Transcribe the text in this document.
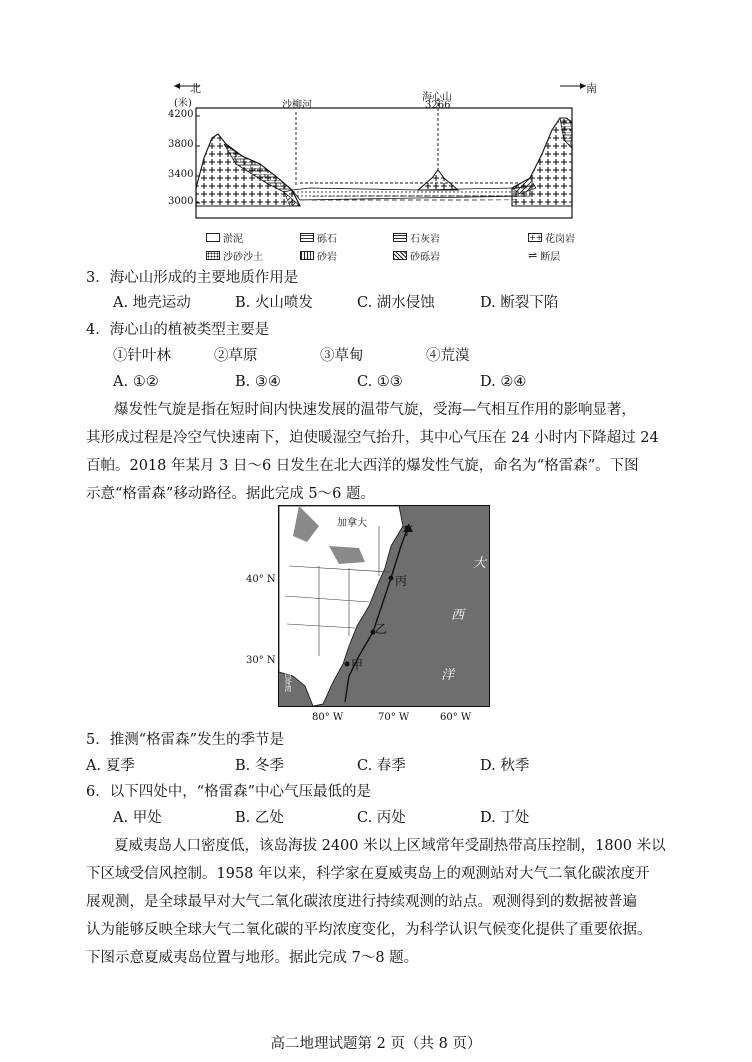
南
北
(米)
4200
3800
3400
3000
沙柳河
海心山
3266
淤泥	砾石	石灰岩	++ 花岗岩
沙砂沙土	砂岩	砂砾岩	⇌ 断层
3．海心山形成的主要地质作用是
A. 地壳运动	B. 火山喷发	C. 湖水侵蚀	D. 断裂下陷
4．海心山的植被类型主要是
①针叶林	②草原	③草甸	④荒漠
A. ①②	B. ③④	C. ①③	D. ②④
爆发性气旋是指在短时间内快速发展的温带气旋，受海—气相互作用的影响显著，
其形成过程是冷空气快速南下，迫使暖湿空气抬升，其中心气压在 24 小时内下降超过 24
百帕。2018 年某月 3 日～6 日发生在北大西洋的爆发性气旋，命名为“格雷森”。下图
示意“格雷森”移动路径。据此完成 5～6 题。
加拿大
丁
丙
乙
甲
大
西
洋
墨西哥湾
40° N
30° N
80° W	70° W	60° W
5．推测“格雷森”发生的季节是
A. 夏季	B. 冬季	C. 春季	D. 秋季
6．以下四处中，“格雷森”中心气压最低的是
A. 甲处	B. 乙处	C. 丙处	D. 丁处
夏威夷岛人口密度低，该岛海拔 2400 米以上区域常年受副热带高压控制，1800 米以
下区域受信风控制。1958 年以来，科学家在夏威夷岛上的观测站对大气二氧化碳浓度开
展观测，是全球最早对大气二氧化碳浓度进行持续观测的站点。观测得到的数据被普遍
认为能够反映全球大气二氧化碳的平均浓度变化，为科学认识气候变化提供了重要依据。
下图示意夏威夷岛位置与地形。据此完成 7～8 题。
高二地理试题第 2 页（共 8 页）
